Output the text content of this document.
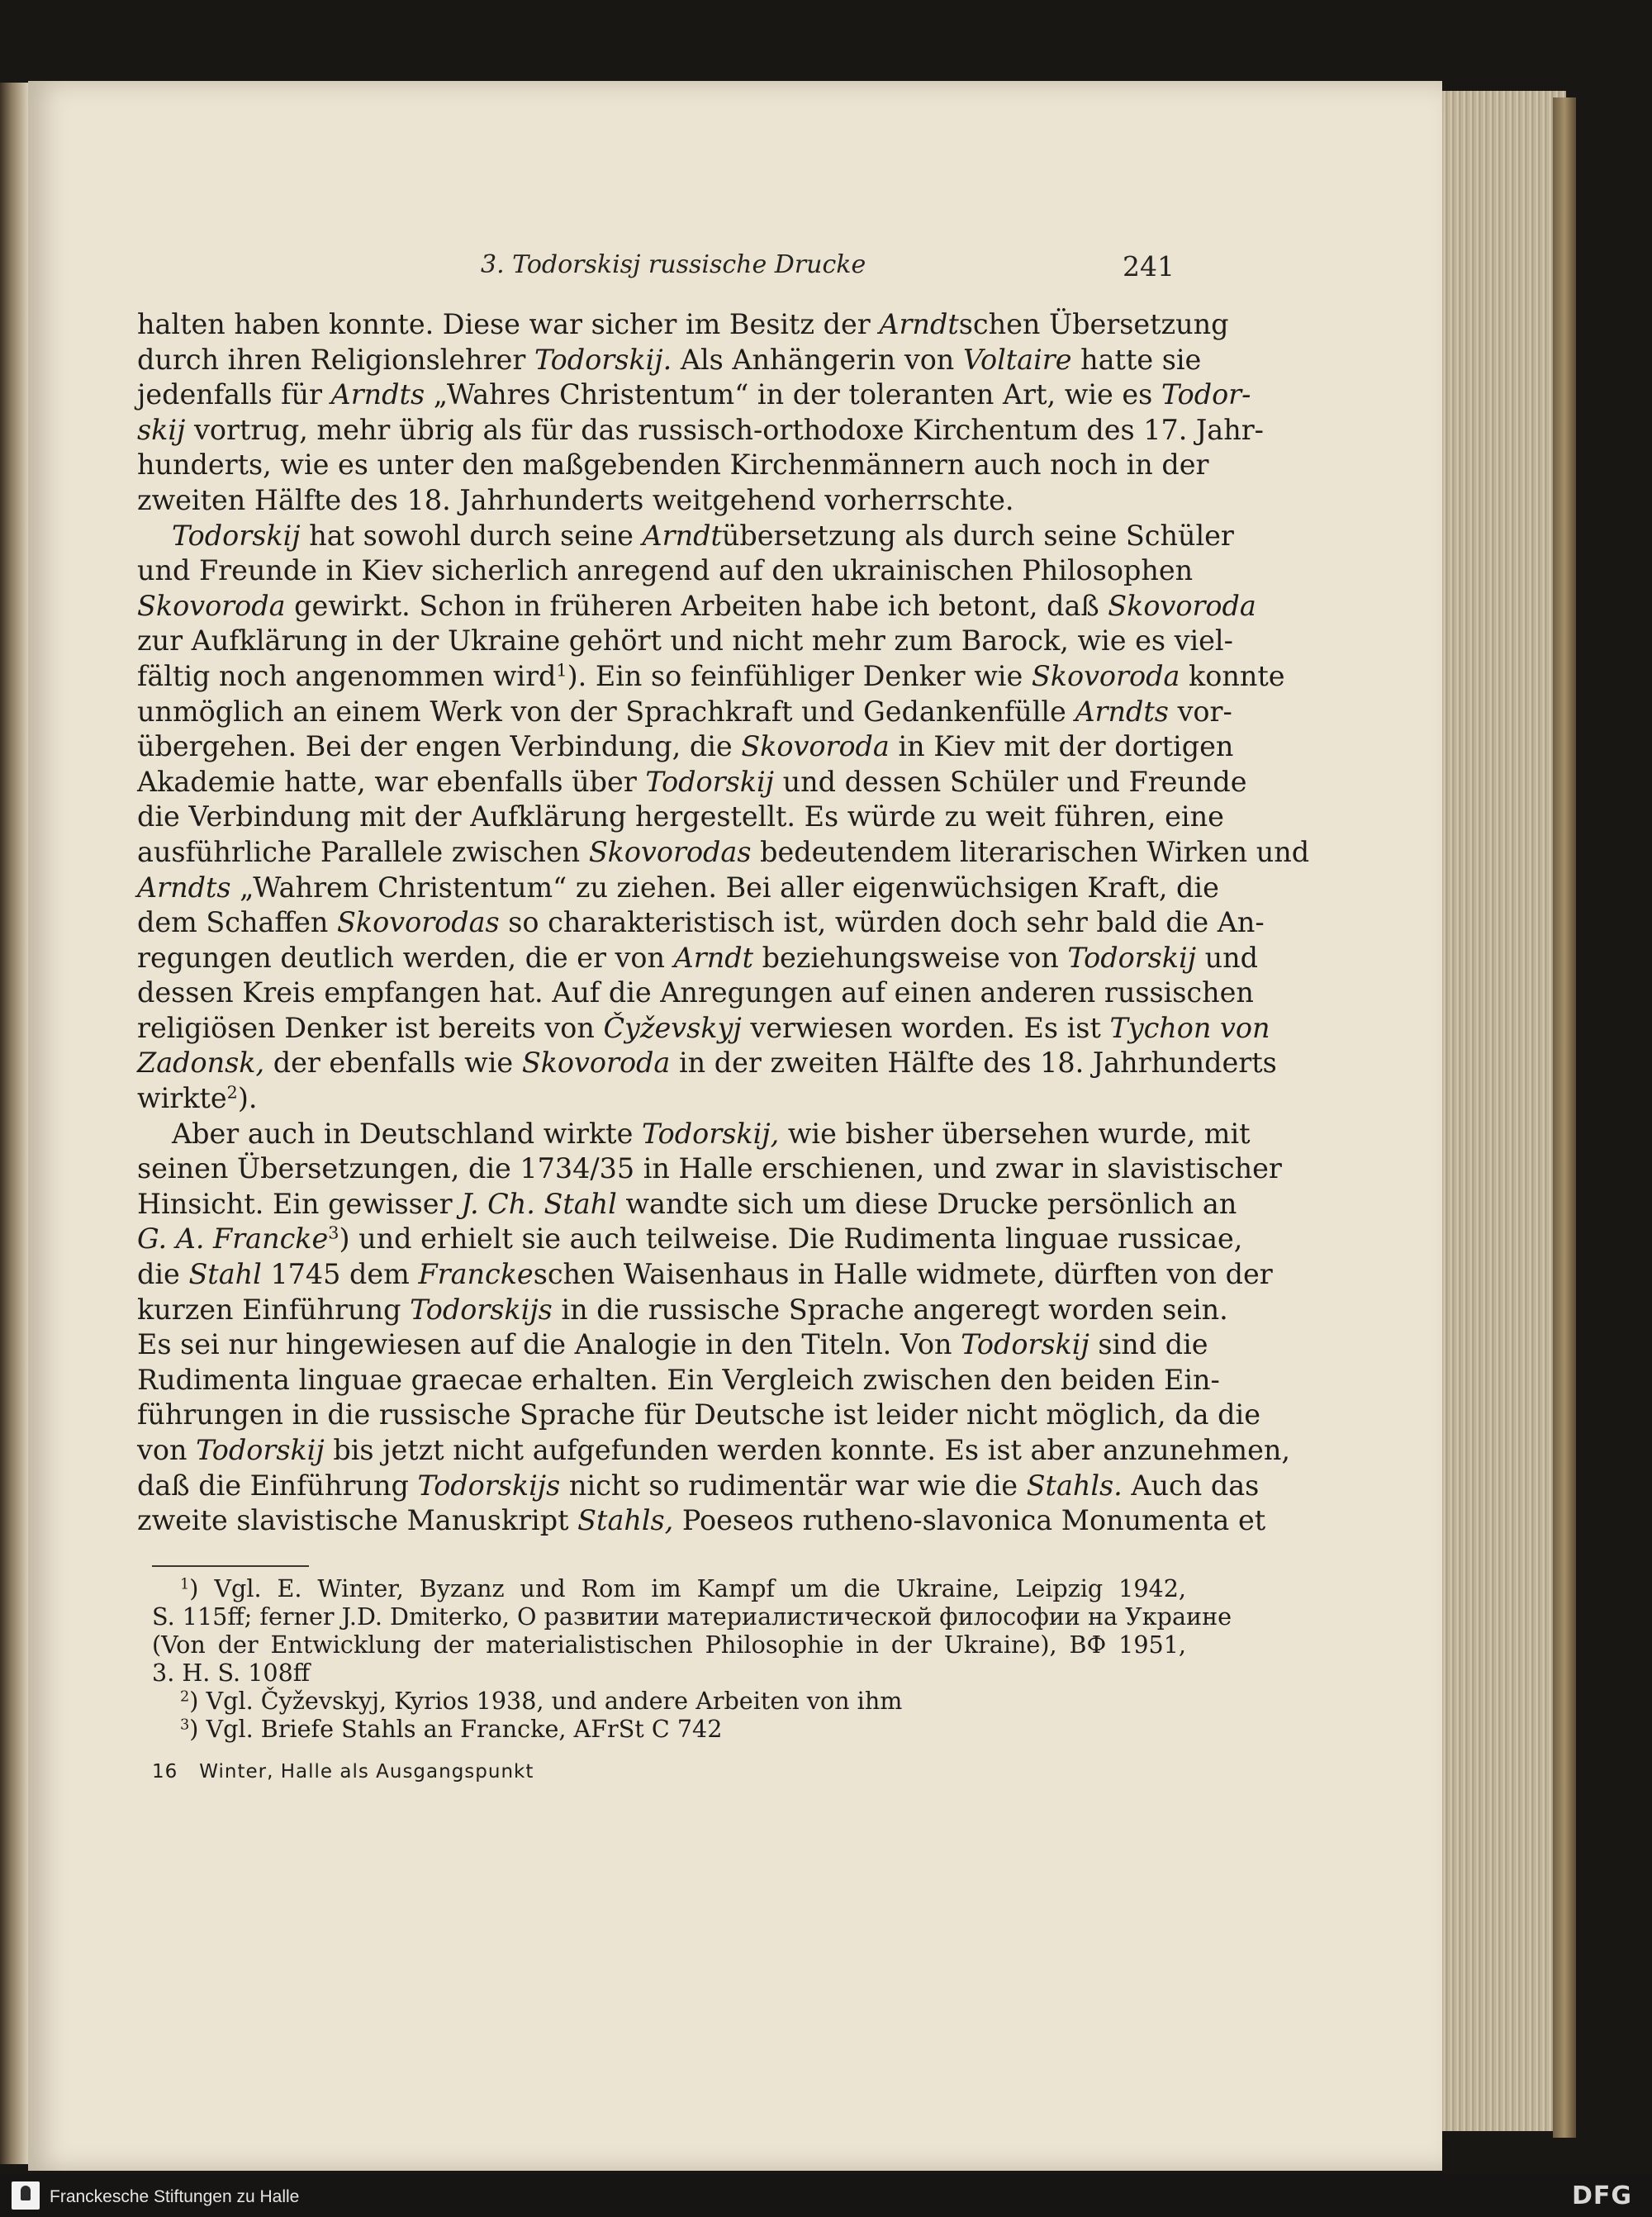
3. Todorskisj russische Drucke	241
halten haben konnte. Diese war sicher im Besitz der Arndtschen Übersetzung
durch ihren Religionslehrer Todorskij. Als Anhängerin von Voltaire hatte sie
jedenfalls für Arndts „Wahres Christentum“ in der toleranten Art, wie es Todor-
skij vortrug, mehr übrig als für das russisch-orthodoxe Kirchentum des 17. Jahr-
hunderts, wie es unter den maßgebenden Kirchenmännern auch noch in der
zweiten Hälfte des 18. Jahrhunderts weitgehend vorherrschte.
Todorskij hat sowohl durch seine Arndtübersetzung als durch seine Schüler
und Freunde in Kiev sicherlich anregend auf den ukrainischen Philosophen
Skovoroda gewirkt. Schon in früheren Arbeiten habe ich betont, daß Skovoroda
zur Aufklärung in der Ukraine gehört und nicht mehr zum Barock, wie es viel-
fältig noch angenommen wird$^1$). Ein so feinfühliger Denker wie Skovoroda konnte
unmöglich an einem Werk von der Sprachkraft und Gedankenfülle Arndts vor-
übergehen. Bei der engen Verbindung, die Skovoroda in Kiev mit der dortigen
Akademie hatte, war ebenfalls über Todorskij und dessen Schüler und Freunde
die Verbindung mit der Aufklärung hergestellt. Es würde zu weit führen, eine
ausführliche Parallele zwischen Skovorodas bedeutendem literarischen Wirken und
Arndts „Wahrem Christentum“ zu ziehen. Bei aller eigenwüchsigen Kraft, die
dem Schaffen Skovorodas so charakteristisch ist, würden doch sehr bald die An-
regungen deutlich werden, die er von Arndt beziehungsweise von Todorskij und
dessen Kreis empfangen hat. Auf die Anregungen auf einen anderen russischen
religiösen Denker ist bereits von Čyževskyj verwiesen worden. Es ist Tychon von
Zadonsk, der ebenfalls wie Skovoroda in der zweiten Hälfte des 18. Jahrhunderts
wirkte$^2$).
Aber auch in Deutschland wirkte Todorskij, wie bisher übersehen wurde, mit
seinen Übersetzungen, die 1734/35 in Halle erschienen, und zwar in slavistischer
Hinsicht. Ein gewisser J. Ch. Stahl wandte sich um diese Drucke persönlich an
G. A. Francke$^3$) und erhielt sie auch teilweise. Die Rudimenta linguae russicae,
die Stahl 1745 dem Franckeschen Waisenhaus in Halle widmete, dürften von der
kurzen Einführung Todorskijs in die russische Sprache angeregt worden sein.
Es sei nur hingewiesen auf die Analogie in den Titeln. Von Todorskij sind die
Rudimenta linguae graecae erhalten. Ein Vergleich zwischen den beiden Ein-
führungen in die russische Sprache für Deutsche ist leider nicht möglich, da die
von Todorskij bis jetzt nicht aufgefunden werden konnte. Es ist aber anzunehmen,
daß die Einführung Todorskijs nicht so rudimentär war wie die Stahls. Auch das
zweite slavistische Manuskript Stahls, Poeseos rutheno-slavonica Monumenta et
$^1$) Vgl. E. Winter, Byzanz und Rom im Kampf um die Ukraine, Leipzig 1942,
S. 115ff; ferner J.D. Dmiterko, О развитии материалистической философии на Украине
(Von der Entwicklung der materialistischen Philosophie in der Ukraine), ВФ 1951,
3. H. S. 108ff
$^2$) Vgl. Čyževskyj, Kyrios 1938, und andere Arbeiten von ihm
$^3$) Vgl. Briefe Stahls an Francke, AFrSt C 742
16 Winter, Halle als Ausgangspunkt
Franckesche Stiftungen zu Halle	DFG
